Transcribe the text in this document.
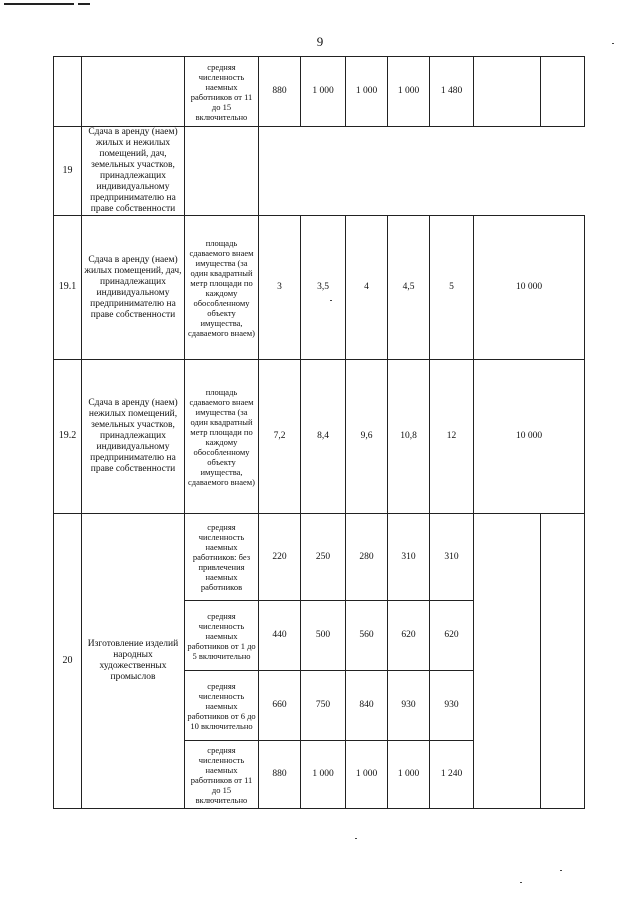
9
		средняя численность наемных работников от 11 до 15 включительно	880	1 000	1 000	1 000	1 480		
19	Сдача в аренду (наем) жилых и нежилых помещений, дач, земельных участков, принадлежащих индивидуальному предпринимателю на праве собственности								
19.1	Сдача в аренду (наем) жилых помещений, дач, принадлежащих индивидуальному предпринимателю на праве собственности	площадь сдаваемого внаем имущества (за один квадратный метр площади по каждому обособленному объекту имущества, сдаваемого внаем)	3	3,5	4	4,5	5	10 000	
19.2	Сдача в аренду (наем) нежилых помещений, земельных участков, принадлежащих индивидуальному предпринимателю на праве собственности	площадь сдаваемого внаем имущества (за один квадратный метр площади по каждому обособленному объекту имущества, сдаваемого внаем)	7,2	8,4	9,6	10,8	12	10 000	
20	Изготовление изделий народных художественных промыслов	средняя численность наемных работников: без привлечения наемных работников	220	250	280	310	310		
		средняя численность наемных работников от 1 до 5 включительно	440	500	560	620	620		
		средняя численность наемных работников от 6 до 10 включительно	660	750	840	930	930		
		средняя численность наемных работников от 11 до 15 включительно	880	1 000	1 000	1 000	1 240		
